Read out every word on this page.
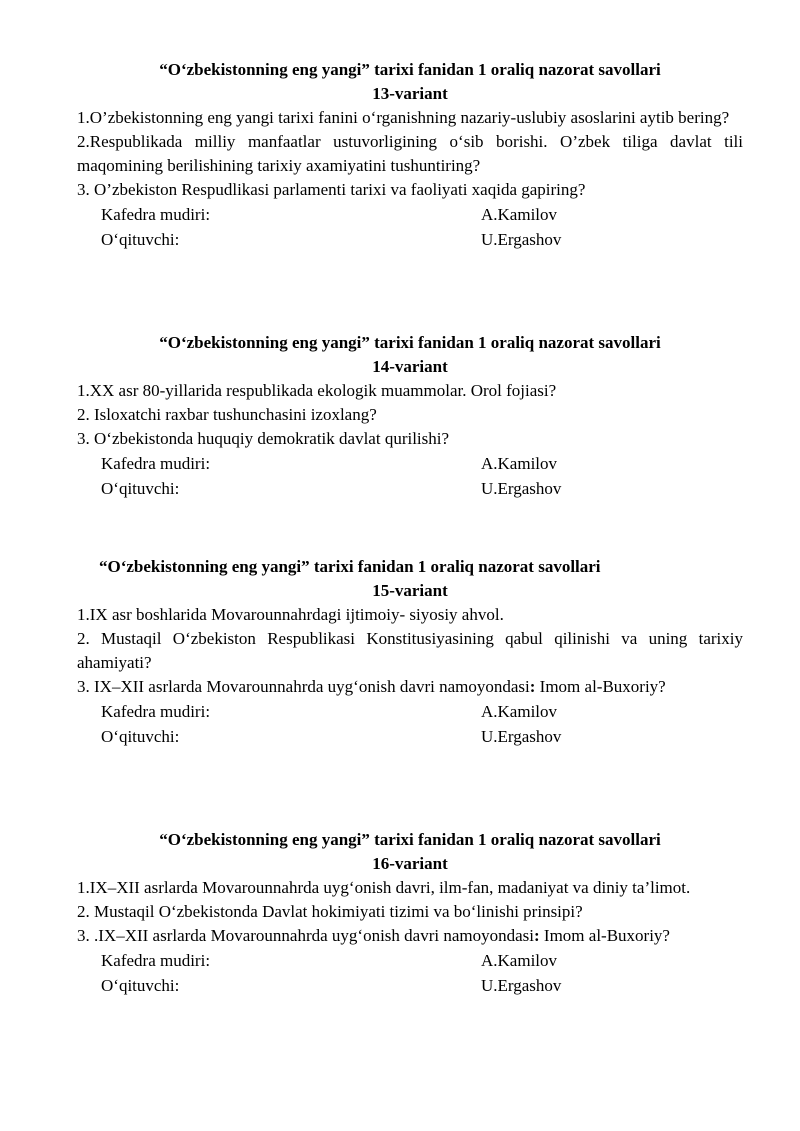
“O‘zbekistonning eng yangi” tarixi fanidan 1 oraliq nazorat savollari

13-variant

1.O’zbekistonning eng yangi tarixi fanini o‘rganishning nazariy-uslubiy asoslarini aytib bering?

2.Respublikada milliy manfaatlar ustuvorligining o‘sib borishi. O’zbek tiliga davlat tili maqomining berilishining tarixiy axamiyatini tushuntiring?

3. O’zbekiston Respudlikasi parlamenti tarixi va faoliyati xaqida gapiring?

Kafedra mudiri:	A.Kamilov
O‘qituvchi:	U.Ergashov

“O‘zbekistonning eng yangi” tarixi fanidan 1 oraliq nazorat savollari

14-variant

1.XX asr 80-yillarida respublikada ekologik muammolar. Orol fojiasi?

2. Isloxatchi raxbar tushunchasini izoxlang?

3. O‘zbekistonda huquqiy demokratik davlat qurilishi?

Kafedra mudiri:	A.Kamilov
O‘qituvchi:	U.Ergashov

“O‘zbekistonning eng yangi” tarixi fanidan 1 oraliq nazorat savollari

15-variant

1.IX asr boshlarida Movarounnahrdagi ijtimoiy- siyosiy ahvol.

2. Mustaqil O‘zbekiston Respublikasi Konstitusiyasining qabul qilinishi va uning tarixiy ahamiyati?

3. IX–XII asrlarda Movarounnahrda uyg‘onish davri namoyondasi: Imom al-Buxoriy?

Kafedra mudiri:	A.Kamilov
O‘qituvchi:	U.Ergashov

“O‘zbekistonning eng yangi” tarixi fanidan 1 oraliq nazorat savollari

16-variant

1.IX–XII asrlarda Movarounnahrda uyg‘onish davri, ilm-fan, madaniyat va diniy ta’limot.

2. Mustaqil O‘zbekistonda Davlat hokimiyati tizimi va bo‘linishi prinsipi?

3. .IX–XII asrlarda Movarounnahrda uyg‘onish davri namoyondasi: Imom al-Buxoriy?

Kafedra mudiri:	A.Kamilov
O‘qituvchi:	U.Ergashov
